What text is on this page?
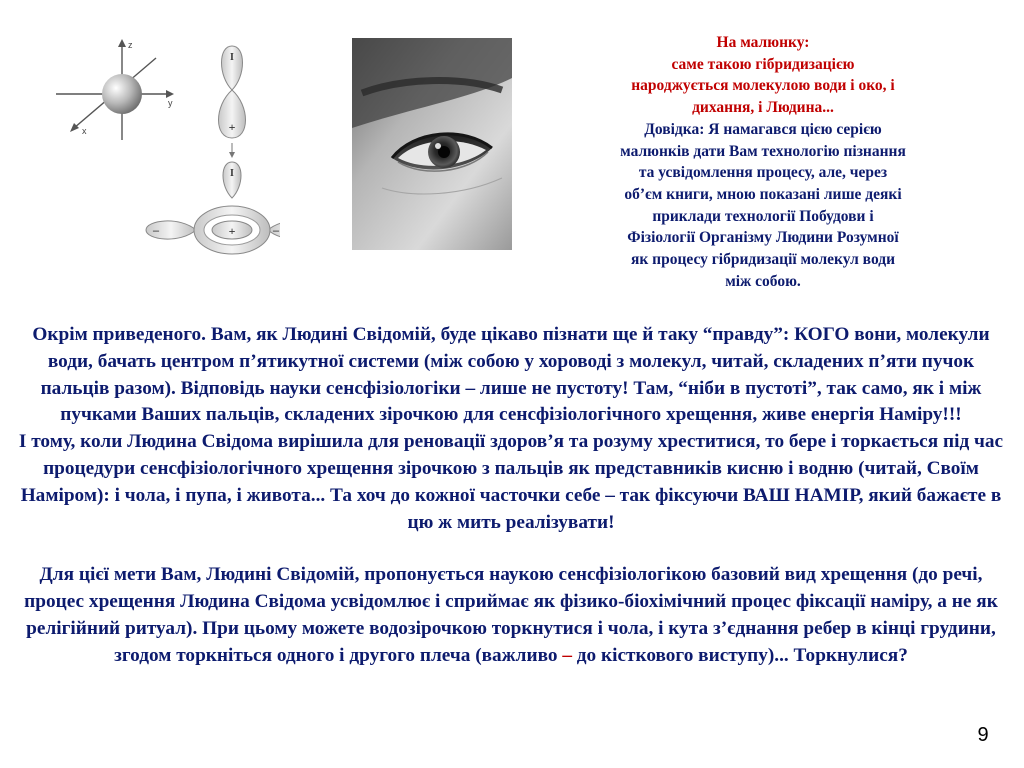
z
y
x
I
+
I
–	+	–
На малюнку:
саме такою гібридизацією
народжується молекулою води і око, і
дихання, і Людина...
Довідка: Я намагався цією серією
малюнків дати Вам технологію пізнання
та усвідомлення процесу, але, через
об’єм книги, мною показані лише деякі
приклади технології Побудови і
Фізіології Організму Людини Розумної
як процесу гібридизації молекул води
між собою.

Окрім приведеного. Вам, як Людині Свідомій, буде цікаво пізнати ще й таку “правду”: КОГО вони, молекули води, бачать центром п’ятикутної системи (між собою у хороводі з молекул, читай, складених п’яти пучок пальців разом). Відповідь науки сенсфізіологіки – лише не пустоту! Там, “ніби в пустоті”, так само, як і між пучками Ваших пальців, складених зірочкою для сенсфізіологічного хрещення, живе енергія Наміру!!!

І тому, коли Людина Свідома вирішила для реновації здоров’я та розуму хреститися, то бере і торкається під час процедури сенсфізіологічного хрещення зірочкою з пальців як представників кисню і водню (читай, Своїм Наміром): і чола, і пупа, і живота... Та хоч до кожної часточки себе – так фіксуючи ВАШ НАМІР, який бажаєте в цю ж мить реалізувати!

Для цієї мети Вам, Людині Свідомій, пропонується наукою сенсфізіологікою базовий вид хрещення (до речі, процес хрещення Людина Свідома усвідомлює і сприймає як фізико-біохімічний процес фіксації наміру, а не як релігійний ритуал). При цьому можете водозірочкою торкнутися і чола, і кута з’єднання ребер в кінці грудини, згодом торкніться одного і другого плеча (важливо – до кісткового виступу)... Торкнулися?

9
